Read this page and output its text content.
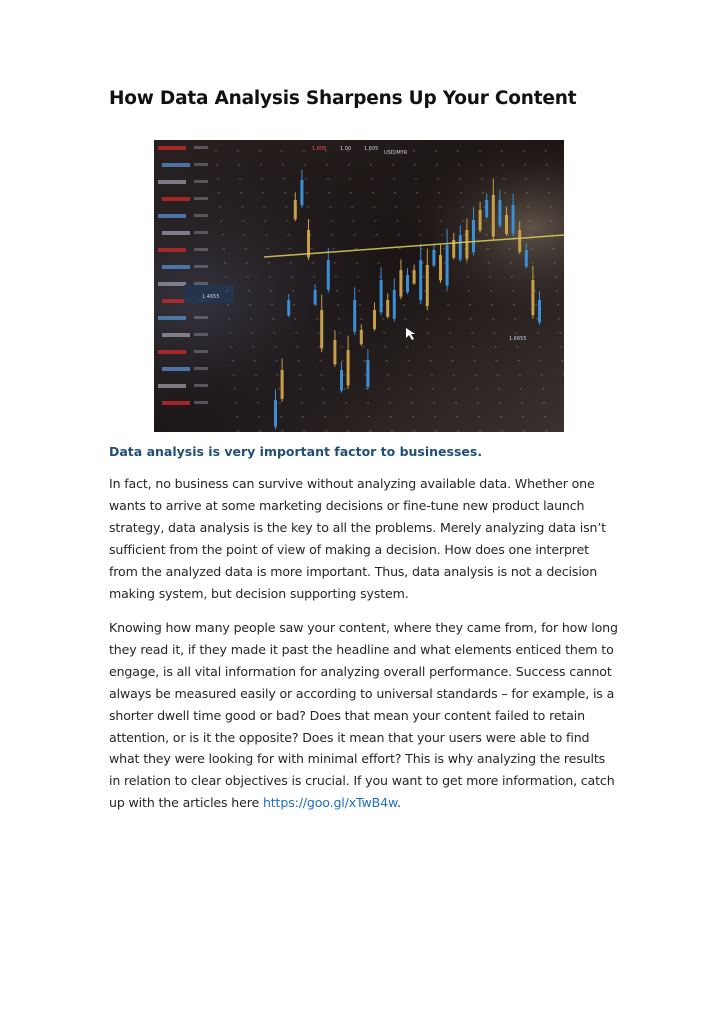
How Data Analysis Sharpens Up Your Content
1.605	1.00	1.605
USD/MYR
1.4655
1.6655

Data analysis is very important factor to businesses.

In fact, no business can survive without analyzing available data. Whether one wants to arrive at some marketing decisions or fine-tune new product launch strategy, data analysis is the key to all the problems. Merely analyzing data isn’t sufficient from the point of view of making a decision. How does one interpret from the analyzed data is more important. Thus, data analysis is not a decision making system, but decision supporting system.

Knowing how many people saw your content, where they came from, for how long they read it, if they made it past the headline and what elements enticed them to engage, is all vital information for analyzing overall performance. Success cannot always be measured easily or according to universal standards – for example, is a shorter dwell time good or bad? Does that mean your content failed to retain attention, or is it the opposite? Does it mean that your users were able to find what they were looking for with minimal effort? This is why analyzing the results in relation to clear objectives is crucial. If you want to get more information, catch up with the articles here https://goo.gl/xTwB4w.
